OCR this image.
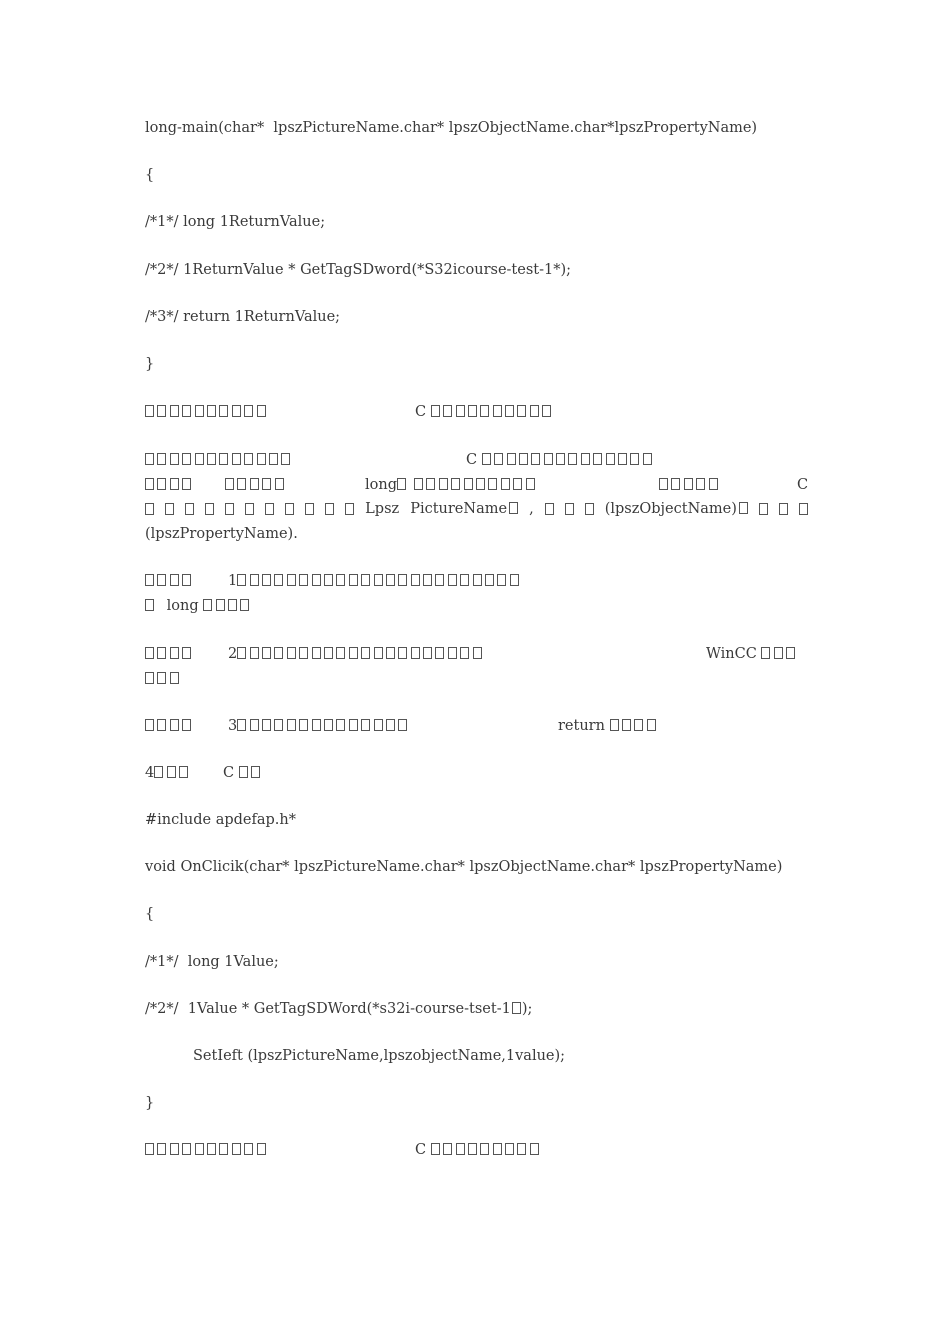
long-main(char*  lpszPictureName.char* lpszObjectName.char*lpszPropertyName)
{
/*1*/ long 1ReturnValue;
/*2*/ 1ReturnValue * GetTagSDword(*S32icourse-test-1*);
/*3*/ return 1ReturnValue;
}
C
C
long	C
Lpsz PictureName	,	(lpszObjectName)
(lpszPropertyName).
1
long
2	WinCC
3	return
4	C
#include apdefap.h*
void OnClicik(char* lpszPictureName.char* lpszObjectName.char* lpszPropertyName)
{
/*1*/  long 1Value;
/*2*/  1Value * GetTagSDWord(*s32i-course-tset-1 );
SetIeft (lpszPictureName,lpszobjectName,1value);
}
C
